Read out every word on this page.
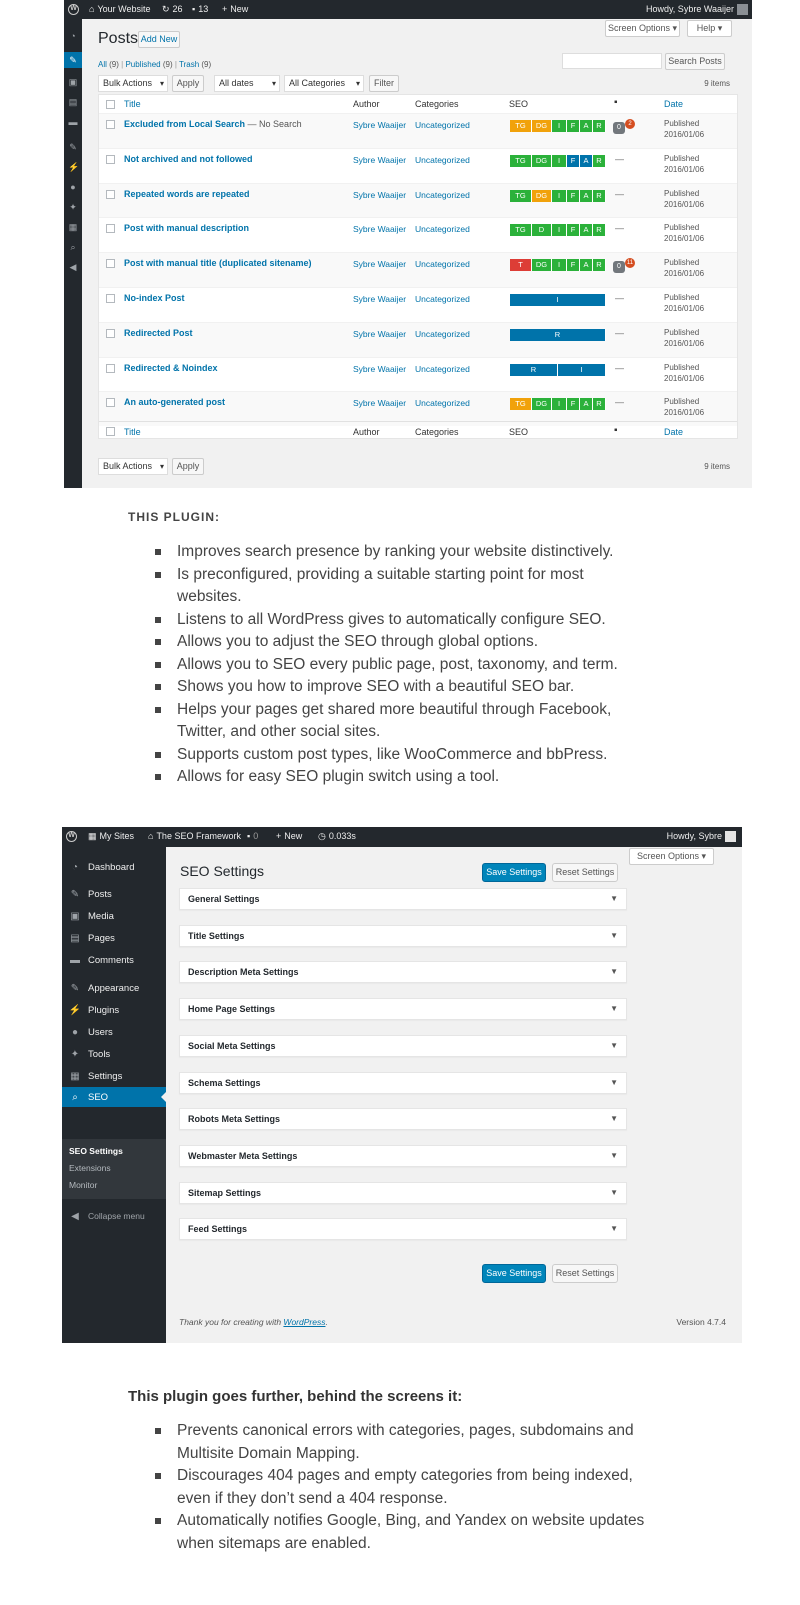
W ⌂ Your Website ↻ 26 ▪ 13 + New	Howdy, Sybre Waaijer
◔
✎
▣
▤
▬
✎
⚡
●
✦
▦
⌕
◀
Screen Options ▾	Help ▾
Posts Add New
All (9) | Published (9) | Trash (9)	Search Posts
Bulk Actions ▾	Apply	All dates ▾	All Categories ▾	Filter	9 items
Title	Author	Categories	SEO	▪	Date
Excluded from Local Search — No Search	Sybre Waaijer Uncategorized	TG	DG	I	F	A	R	0	2	Published
2016/01/06
Not archived and not followed	Sybre Waaijer Uncategorized	TG	DG	I	F	A	R	—	Published
2016/01/06
Repeated words are repeated	Sybre Waaijer Uncategorized	TG	DG	I	F	A	R	—	Published
2016/01/06
Post with manual description	Sybre Waaijer Uncategorized	TG	D	I	F	A	R	—	Published
2016/01/06
Post with manual title (duplicated sitename)	Sybre Waaijer Uncategorized	T	DG	I	F	A	R	0 11	Published
2016/01/06
No-index Post	Sybre Waaijer Uncategorized	I	—	Published
2016/01/06
Redirected Post	Sybre Waaijer Uncategorized	R	—	Published
2016/01/06
Redirected & Noindex	Sybre Waaijer Uncategorized	R	I	—	Published
2016/01/06
An auto-generated post	Sybre Waaijer Uncategorized	TG	DG	I	F	A	R	—	Published
2016/01/06
Title	Author	Categories	SEO	▪	Date
Bulk Actions ▾	Apply	9 items
THIS PLUGIN:
Improves search presence by ranking your website distinctively.
Is preconfigured, providing a suitable starting point for most websites.
Listens to all WordPress gives to automatically configure SEO.
Allows you to adjust the SEO through global options.
Allows you to SEO every public page, post, taxonomy, and term.
Shows you how to improve SEO with a beautiful SEO bar.
Helps your pages get shared more beautiful through Facebook, Twitter, and other social sites.
Supports custom post types, like WooCommerce and bbPress.
Allows for easy SEO plugin switch using a tool.
W ▦ My Sites ⌂ The SEO Framework ▪ 0 + New ◷ 0.033s	Howdy, Sybre
Screen Options ▾
◔	Dashboard
✎ Posts
▣ Media
▤ Pages
▬ Comments
✎ Appearance
⚡ Plugins
●	Users
✦ Tools
▦ Settings
⌕	SEO
SEO Settings
Extensions
Monitor
◀	Collapse menu
SEO Settings	Save Settings	Reset Settings
General Settings	▼
Title Settings	▼
Description Meta Settings	▼
Home Page Settings	▼
Social Meta Settings	▼
Schema Settings	▼
Robots Meta Settings	▼
Webmaster Meta Settings	▼
Sitemap Settings	▼
Feed Settings	▼
Save Settings	Reset Settings
Thank you for creating with WordPress.	Version 4.7.4
This plugin goes further, behind the screens it:
Prevents canonical errors with categories, pages, subdomains and Multisite Domain Mapping.
Discourages 404 pages and empty categories from being indexed, even if they don’t send a 404 response.
Automatically notifies Google, Bing, and Yandex on website updates when sitemaps are enabled.
